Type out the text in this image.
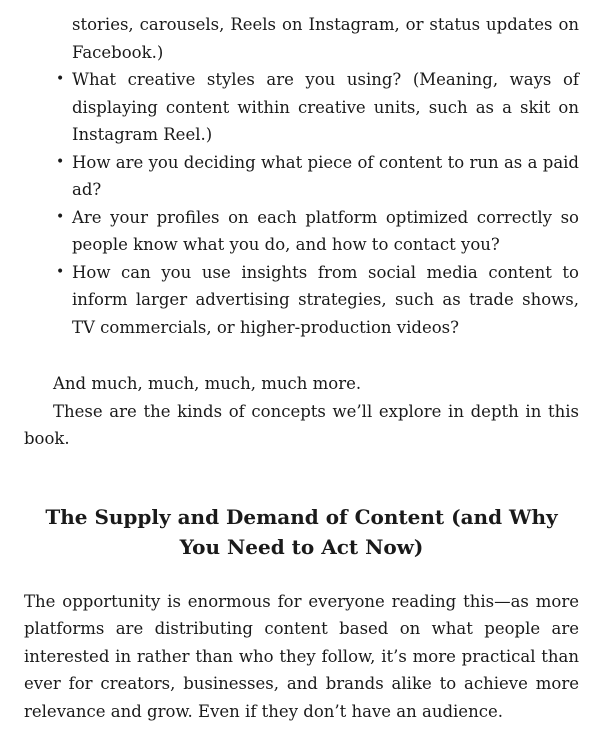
stories, carousels, Reels on Instagram, or status updates on Facebook.)

• What creative styles are you using? (Meaning, ways of displaying content within creative units, such as a skit on Instagram Reel.)
• How are you deciding what piece of content to run as a paid ad?
• Are your profiles on each platform optimized correctly so people know what you do, and how to contact you?
• How can you use insights from social media content to inform larger advertising strategies, such as trade shows, TV commercials, or higher-production videos?

And much, much, much, much more.

These are the kinds of concepts we’ll explore in depth in this book.

The Supply and Demand of Content (and Why You Need to Act Now)

The opportunity is enormous for everyone reading this—as more platforms are distributing content based on what people are interested in rather than who they follow, it’s more practical than ever for creators, businesses, and brands alike to achieve more relevance and grow. Even if they don’t have an audience.
